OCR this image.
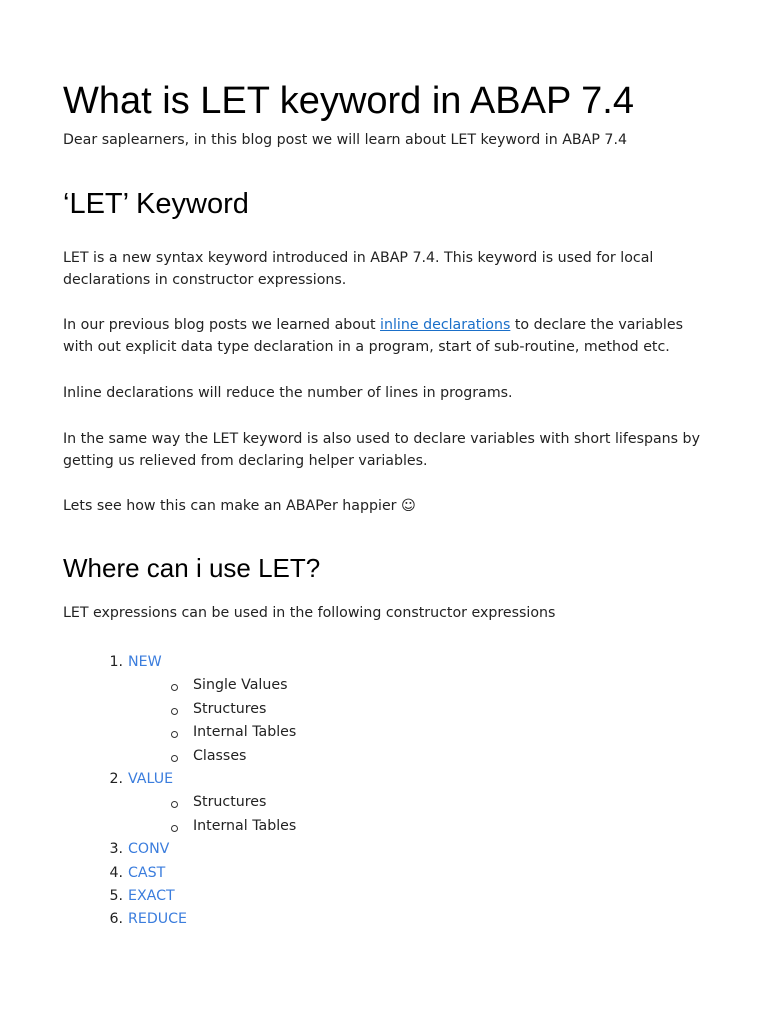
What is LET keyword in ABAP 7.4

Dear saplearners, in this blog post we will learn about LET keyword in ABAP 7.4

‘LET’ Keyword

LET is a new syntax keyword introduced in ABAP 7.4. This keyword is used for local declarations in constructor expressions.

In our previous blog posts we learned about inline declarations to declare the variables with out explicit data type declaration in a program, start of sub-routine, method etc.

Inline declarations will reduce the number of lines in programs.

In the same way the LET keyword is also used to declare variables with short lifespans by getting us relieved from declaring helper variables.

Lets see how this can make an ABAPer happier ☺

Where can i use LET?

LET expressions can be used in the following constructor expressions

1. NEW
Single Values
Structures
Internal Tables
Classes
2. VALUE
Structures
Internal Tables
3. CONV
4. CAST
5. EXACT
6. REDUCE
